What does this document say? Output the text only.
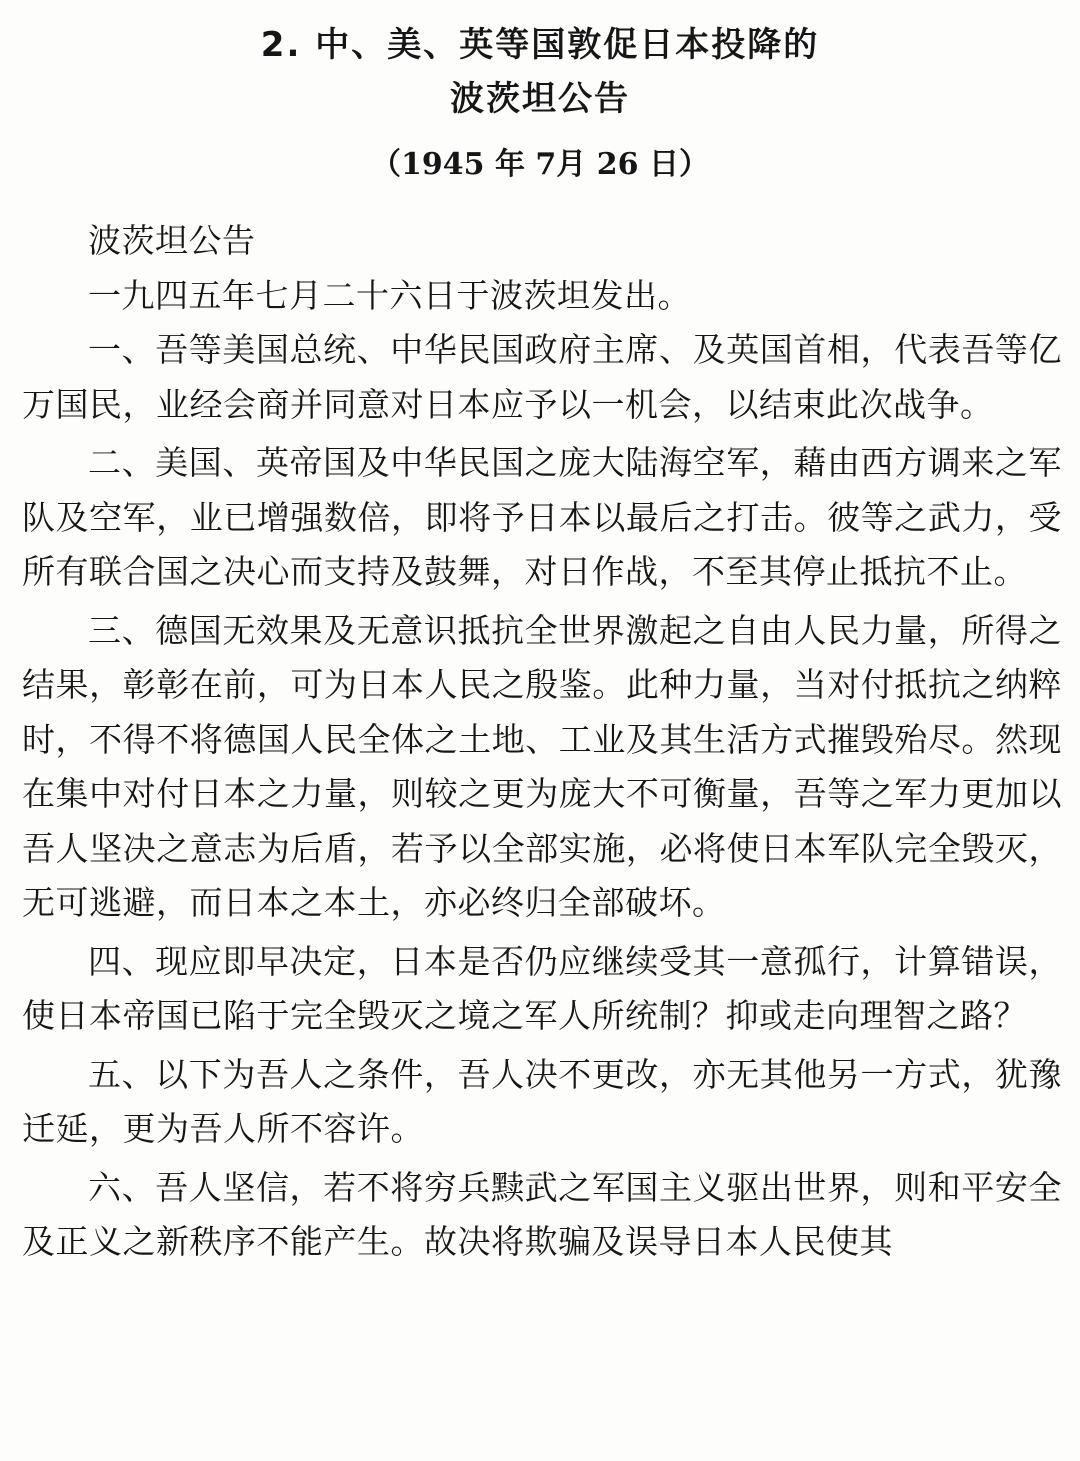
2. 中、美、英等国敦促日本投降的
波茨坦公告
（1945 年 7月 26 日）

波茨坦公告

一九四五年七月二十六日于波茨坦发出。

一、吾等美国总统、中华民国政府主席、及英国首相，代表吾等亿万国民，业经会商并同意对日本应予以一机会，以结束此次战争。

二、美国、英帝国及中华民国之庞大陆海空军，藉由西方调来之军队及空军，业已增强数倍，即将予日本以最后之打击。彼等之武力，受所有联合国之决心而支持及鼓舞，对日作战，不至其停止抵抗不止。

三、德国无效果及无意识抵抗全世界激起之自由人民力量，所得之结果，彰彰在前，可为日本人民之殷鉴。此种力量，当对付抵抗之纳粹时，不得不将德国人民全体之土地、工业及其生活方式摧毁殆尽。然现在集中对付日本之力量，则较之更为庞大不可衡量，吾等之军力更加以吾人坚决之意志为后盾，若予以全部实施，必将使日本军队完全毁灭，无可逃避，而日本之本土，亦必终归全部破坏。

四、现应即早决定，日本是否仍应继续受其一意孤行，计算错误，使日本帝国已陷于完全毁灭之境之军人所统制？抑或走向理智之路？

五、以下为吾人之条件，吾人决不更改，亦无其他另一方式，犹豫迁延，更为吾人所不容许。

六、吾人坚信，若不将穷兵黩武之军国主义驱出世界，则和平安全及正义之新秩序不能产生。故决将欺骗及误导日本人民使其
